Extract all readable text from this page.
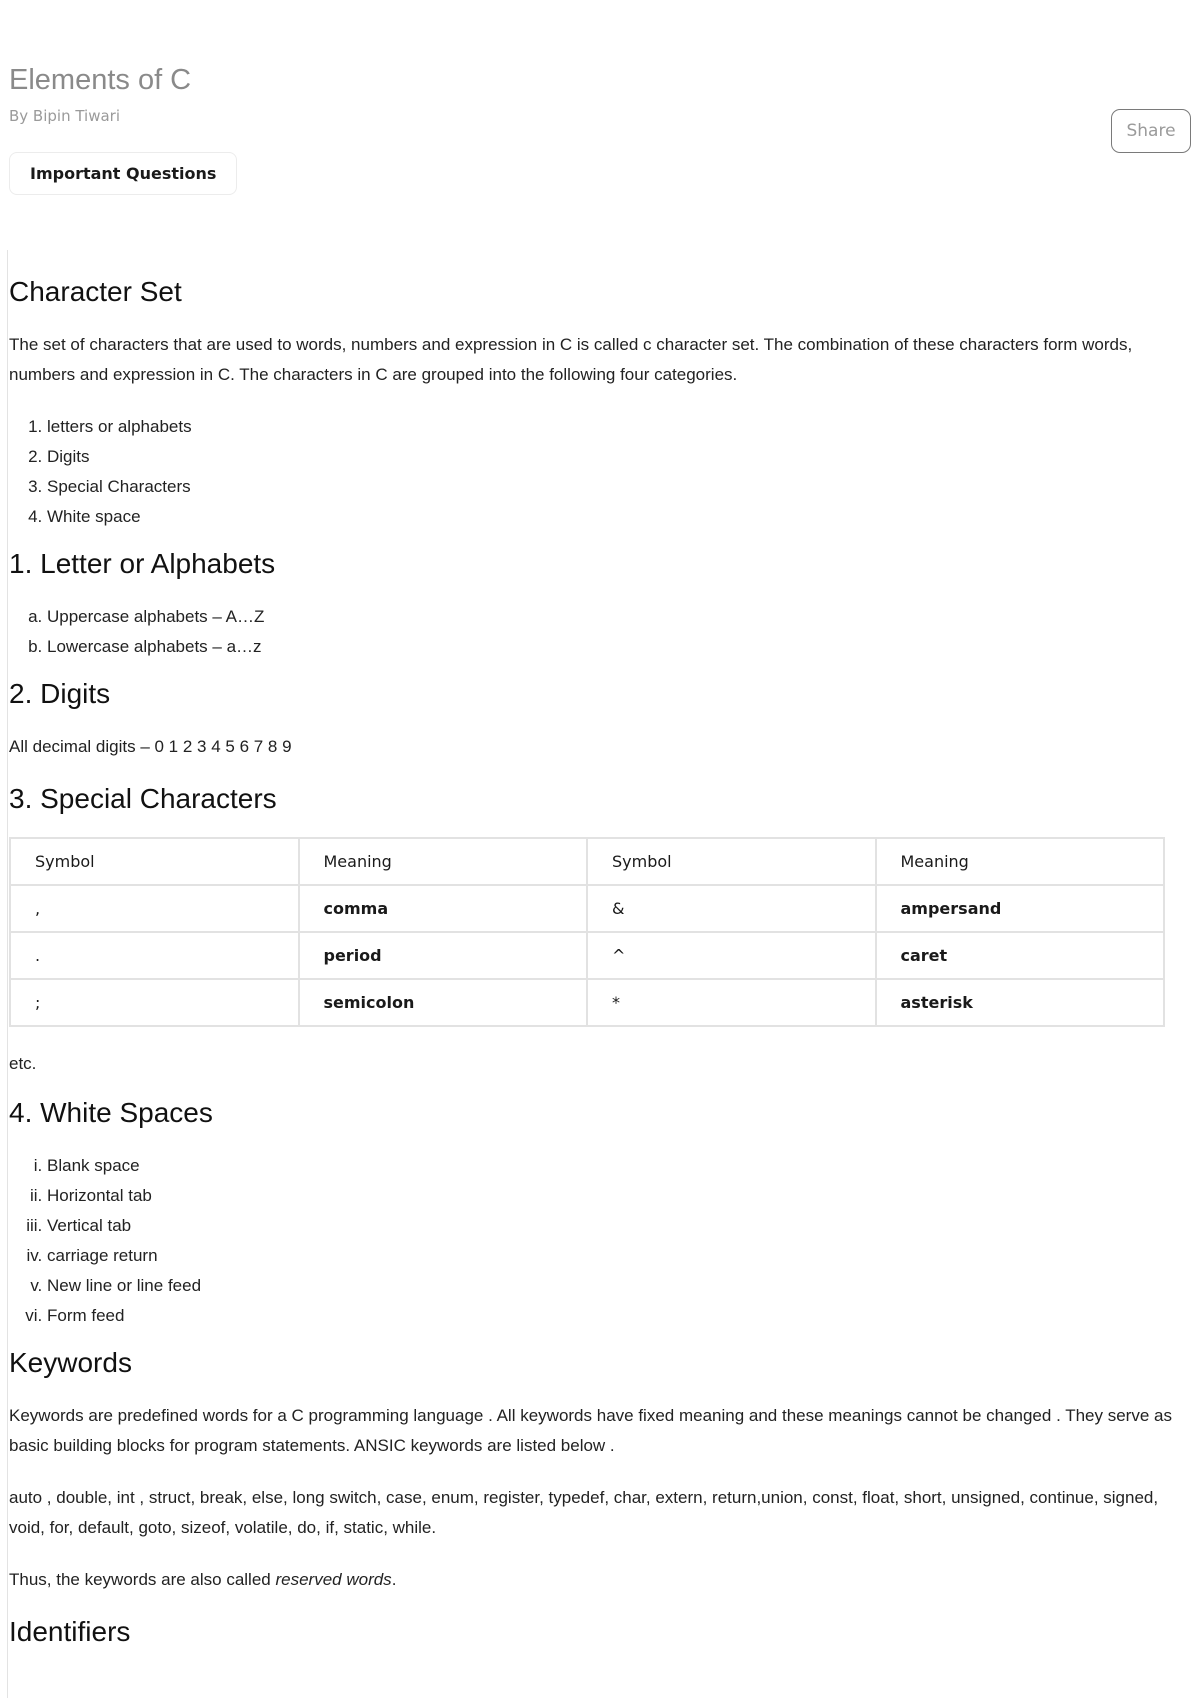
Elements of C
By Bipin Tiwari
Share
Important Questions
Character Set

The set of characters that are used to words, numbers and expression in C is called c character set. The combination of these characters form words, numbers and expression in C. The characters in C are grouped into the following four categories.

1. letters or alphabets
2. Digits
3. Special Characters
4. White space
1. Letter or Alphabets
a. Uppercase alphabets – A…Z
b. Lowercase alphabets – a…z
2. Digits

All decimal digits – 0 1 2 3 4 5 6 7 8 9

3. Special Characters
Symbol	Meaning	Symbol	Meaning
,	comma	&	ampersand
.	period	^	caret
;	semicolon	*	asterisk

etc.

4. White Spaces
i. Blank space
ii. Horizontal tab
iii. Vertical tab
iv. carriage return
v. New line or line feed
vi. Form feed
Keywords

Keywords are predefined words for a C programming language . All keywords have fixed meaning and these meanings cannot be changed . They serve as basic building blocks for program statements. ANSIC keywords are listed below .

auto , double, int , struct, break, else, long switch, case, enum, register, typedef, char, extern, return,union, const, float, short, unsigned, continue, signed, void, for, default, goto, sizeof, volatile, do, if, static, while.

Thus, the keywords are also called reserved words.

Identifiers
